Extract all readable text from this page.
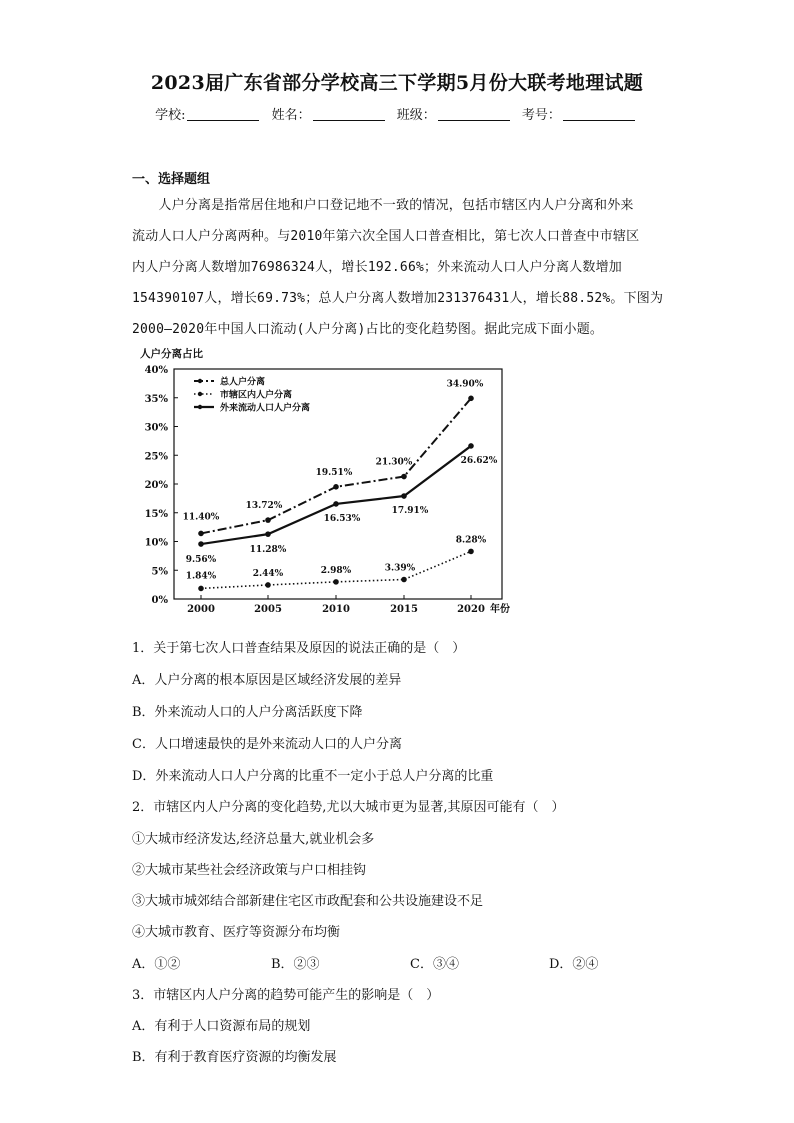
2023届广东省部分学校高三下学期5月份大联考地理试题
学校:	姓名：	班级：	考号：
一、选择题组
　　人户分离是指常居住地和户口登记地不一致的情况，包括市辖区内人户分离和外来
流动人口人户分离两种。与2010年第六次全国人口普查相比，第七次人口普查中市辖区
内人户分离人数增加76986324人，增长192.66%；外来流动人口人户分离人数增加
154390107人，增长69.73%；总人户分离人数增加231376431人，增长88.52%。下图为
2000—2020年中国人口流动(人户分离)占比的变化趋势图。据此完成下面小题。
人户分离占比
0%
5%
10%
15%
20%
25%
30%
35%
40%
2000	2005	2010	2015	2020 年份
11.40%
13.72%
19.51%
21.30%
34.90%
1.84%	2.44%	2.98%	3.39%
8.28%
9.56%
11.28%
16.53%
17.91%
26.62%
总人户分离
市辖区内人户分离
外来流动人口人户分离
1．关于第七次人口普查结果及原因的说法正确的是（　）
A．人户分离的根本原因是区域经济发展的差异
B．外来流动人口的人户分离活跃度下降
C．人口增速最快的是外来流动人口的人户分离
D．外来流动人口人户分离的比重不一定小于总人户分离的比重
2．市辖区内人户分离的变化趋势,尤以大城市更为显著,其原因可能有（　）
①大城市经济发达,经济总量大,就业机会多
②大城市某些社会经济政策与户口相挂钩
③大城市城郊结合部新建住宅区市政配套和公共设施建设不足
④大城市教育、医疗等资源分布均衡
A．①②	B．②③	C．③④	D．②④
3．市辖区内人户分离的趋势可能产生的影响是（　）
A．有利于人口资源布局的规划
B．有利于教育医疗资源的均衡发展
